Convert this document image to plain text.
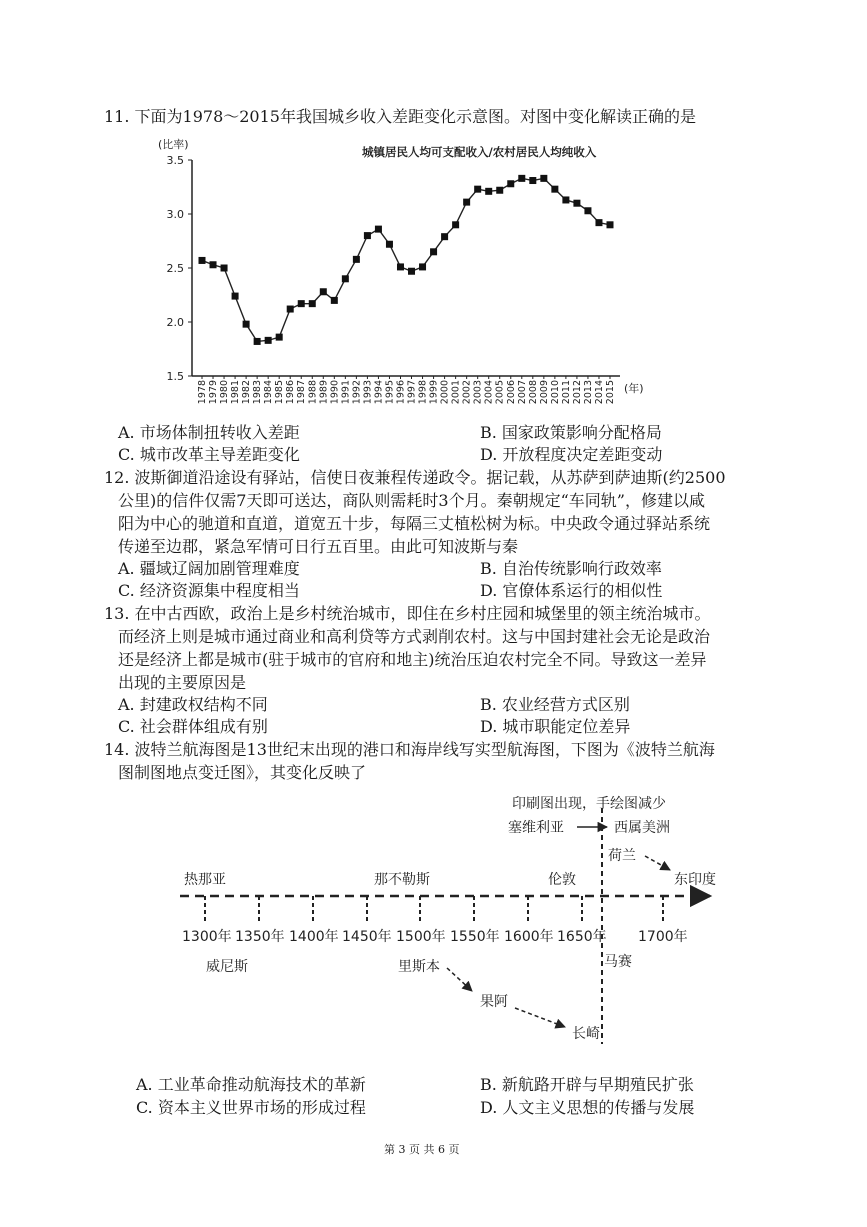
11. 下面为1978～2015年我国城乡收入差距变化示意图。对图中变化解读正确的是
1.5
2.0
2.5
3.0
3.5
(比率)
城镇居民人均可支配收入/农村居民人均纯收入
1978 1979 1980 1981 1982 1983 1984 1985 1986 1987 1988 1989 1990 1991 1992 1993 1994 1995 1996 1997 1998 1999 2000 2001 2002 2003 2004 2005 2006 2007 2008 2009 2010 2011 2012 2013 2014 2015 (年)
A. 市场体制扭转收入差距	B. 国家政策影响分配格局
C. 城市改革主导差距变化	D. 开放程度决定差距变动
12. 波斯御道沿途设有驿站，信使日夜兼程传递政令。据记载，从苏萨到萨迪斯(约2500
公里)的信件仅需7天即可送达，商队则需耗时3个月。秦朝规定“车同轨”，修建以咸
阳为中心的驰道和直道，道宽五十步，每隔三丈植松树为标。中央政令通过驿站系统
传递至边郡，紧急军情可日行五百里。由此可知波斯与秦
A. 疆域辽阔加剧管理难度	B. 自治传统影响行政效率
C. 经济资源集中程度相当	D. 官僚体系运行的相似性
13. 在中古西欧，政治上是乡村统治城市，即住在乡村庄园和城堡里的领主统治城市。
而经济上则是城市通过商业和高利贷等方式剥削农村。这与中国封建社会无论是政治
还是经济上都是城市(驻于城市的官府和地主)统治压迫农村完全不同。导致这一差异
出现的主要原因是
A. 封建政权结构不同	B. 农业经营方式区别
C. 社会群体组成有别	D. 城市职能定位差异
14. 波特兰航海图是13世纪末出现的港口和海岸线写实型航海图，下图为《波特兰航海
图制图地点变迁图》，其变化反映了
印刷图出现，手绘图减少
塞维利亚	西属美洲
荷兰
东印度
热那亚	那不勒斯	伦敦
1300年 1350年 1400年 1450年 1500年 1550年 1600年 1650年 1700年
马赛
威尼斯	里斯本
果阿
长崎
A. 工业革命推动航海技术的革新	B. 新航路开辟与早期殖民扩张
C. 资本主义世界市场的形成过程	D. 人文主义思想的传播与发展
第 3 页 共 6 页
